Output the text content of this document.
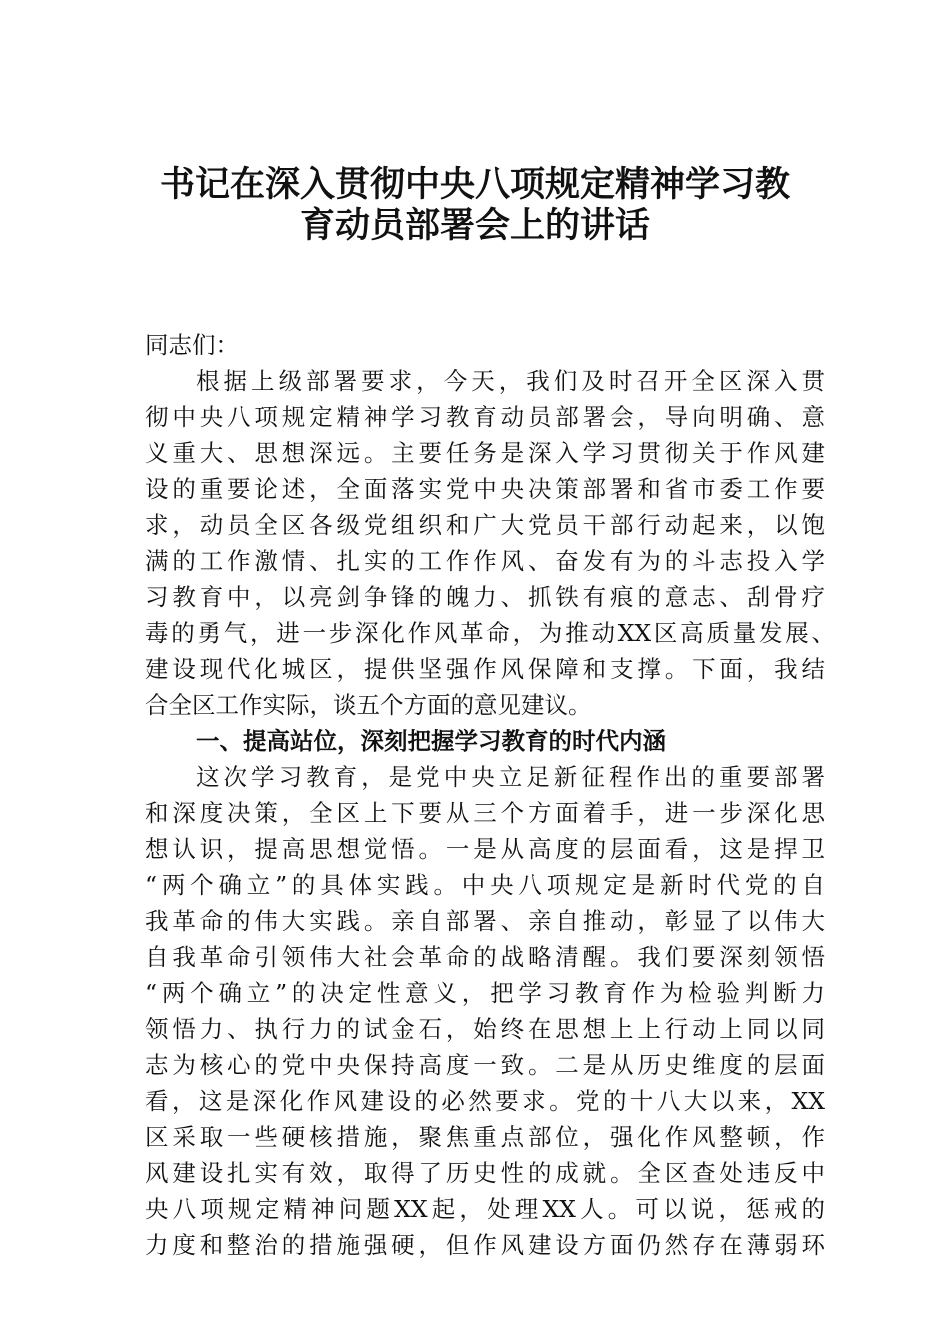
书记在深入贯彻中央八项规定精神学习教
育动员部署会上的讲话

同志们：

根据上级部署要求，今天，我们及时召开全区深入贯

彻中央八项规定精神学习教育动员部署会，导向明确、意

义重大、思想深远。主要任务是深入学习贯彻关于作风建

设的重要论述，全面落实党中央决策部署和省市委工作要

求，动员全区各级党组织和广大党员干部行动起来，以饱

满的工作激情、扎实的工作作风、奋发有为的斗志投入学

习教育中，以亮剑争锋的魄力、抓铁有痕的意志、刮骨疗

毒的勇气，进一步深化作风革命，为推动XX区高质量发展、

建设现代化城区，提供坚强作风保障和支撑。下面，我结

合全区工作实际，谈五个方面的意见建议。

一、提高站位，深刻把握学习教育的时代内涵

这次学习教育，是党中央立足新征程作出的重要部署

和深度决策，全区上下要从三个方面着手，进一步深化思

想认识，提高思想觉悟。一是从高度的层面看，这是捍卫

“两个确立”的具体实践。中央八项规定是新时代党的自

我革命的伟大实践。亲自部署、亲自推动，彰显了以伟大

自我革命引领伟大社会革命的战略清醒。我们要深刻领悟

“两个确立”的决定性意义，把学习教育作为检验判断力

领悟力、执行力的试金石，始终在思想上上行动上同以同

志为核心的党中央保持高度一致。二是从历史维度的层面

看，这是深化作风建设的必然要求。党的十八大以来，XX

区采取一些硬核措施，聚焦重点部位，强化作风整顿，作

风建设扎实有效，取得了历史性的成就。全区查处违反中

央八项规定精神问题XX起，处理XX人。可以说，惩戒的

力度和整治的措施强硬，但作风建设方面仍然存在薄弱环
